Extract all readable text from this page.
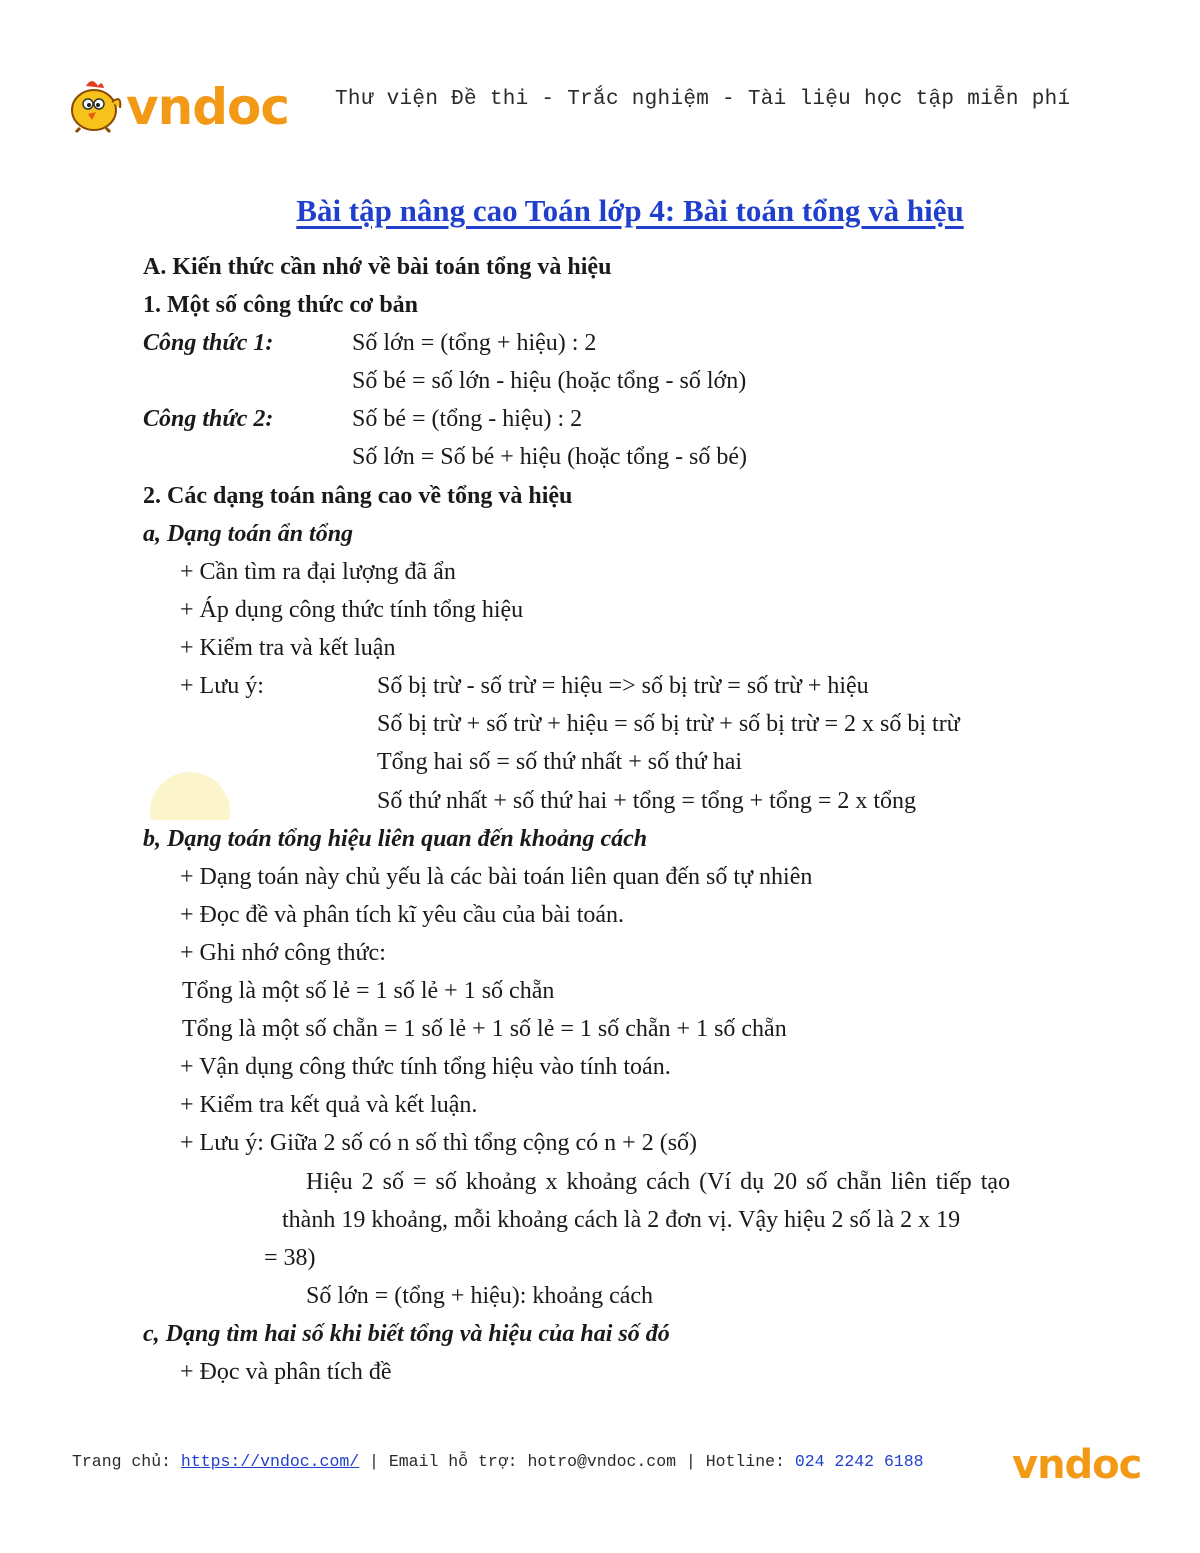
vndoc Thư viện Đề thi - Trắc nghiệm - Tài liệu học tập miễn phí
Bài tập nâng cao Toán lớp 4: Bài toán tổng và hiệu
A. Kiến thức cần nhớ về bài toán tổng và hiệu
1. Một số công thức cơ bản
Công thức 1:	Số lớn = (tổng + hiệu) : 2
Số bé = số lớn - hiệu (hoặc tổng - số lớn)
Công thức 2:	Số bé = (tổng - hiệu) : 2
Số lớn = Số bé + hiệu (hoặc tổng - số bé)
2. Các dạng toán nâng cao về tổng và hiệu
a, Dạng toán ẩn tổng
+ Cần tìm ra đại lượng đã ẩn
+ Áp dụng công thức tính tổng hiệu
+ Kiểm tra và kết luận
+ Lưu ý:	Số bị trừ - số trừ = hiệu => số bị trừ = số trừ + hiệu
Số bị trừ + số trừ + hiệu = số bị trừ + số bị trừ = 2 x số bị trừ
Tổng hai số = số thứ nhất + số thứ hai
Số thứ nhất + số thứ hai + tổng = tổng + tổng = 2 x tổng
b, Dạng toán tổng hiệu liên quan đến khoảng cách
+ Dạng toán này chủ yếu là các bài toán liên quan đến số tự nhiên
+ Đọc đề và phân tích kĩ yêu cầu của bài toán.
+ Ghi nhớ công thức:
Tổng là một số lẻ = 1 số lẻ + 1 số chẵn
Tổng là một số chẵn = 1 số lẻ + 1 số lẻ = 1 số chẵn + 1 số chẵn
+ Vận dụng công thức tính tổng hiệu vào tính toán.
+ Kiểm tra kết quả và kết luận.
+ Lưu ý: Giữa 2 số có n số thì tổng cộng có n + 2 (số)
Hiệu 2 số = số khoảng x khoảng cách (Ví dụ 20 số chẵn liên tiếp tạo
thành 19 khoảng, mỗi khoảng cách là 2 đơn vị. Vậy hiệu 2 số là 2 x 19
= 38)
Số lớn = (tổng + hiệu): khoảng cách
c, Dạng tìm hai số khi biết tổng và hiệu của hai số đó
+ Đọc và phân tích đề
Trang chủ: https://vndoc.com/ | Email hỗ trợ: hotro@vndoc.com | Hotline: 024 2242 6188 vndoc
